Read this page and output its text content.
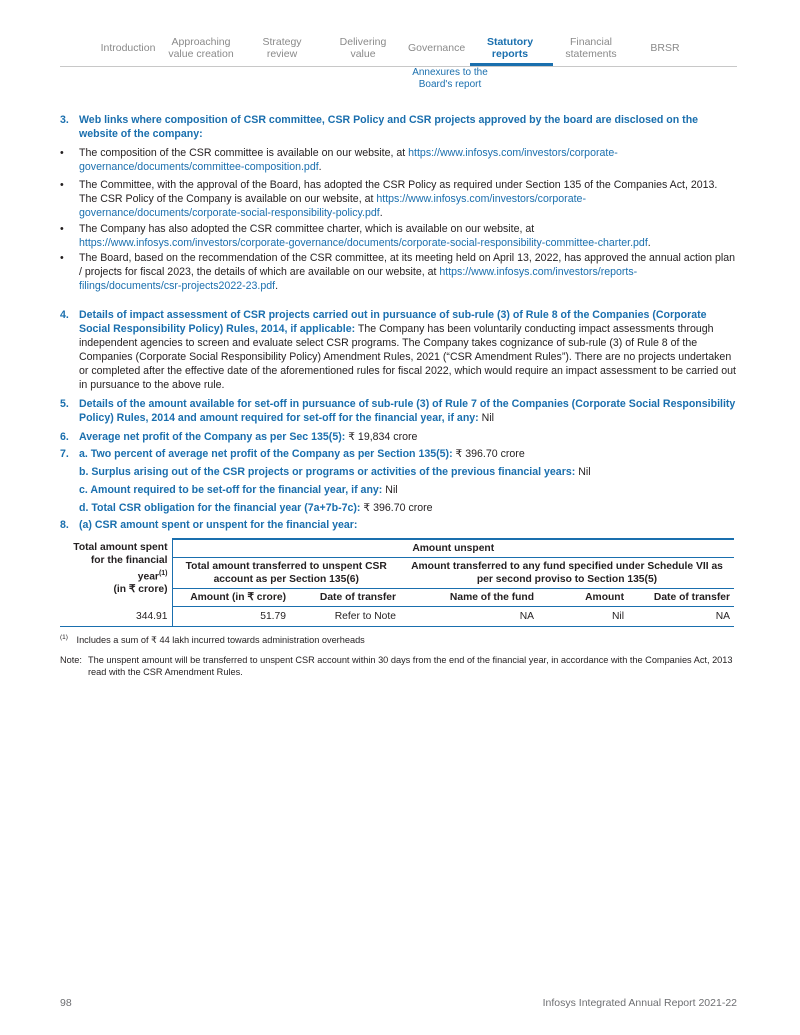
Introduction	Approaching value creation
Strategy review
Delivering value	Governance	Statutory reports
Financial statements	BRSR
Annexures to the Board's report
3. Web links where composition of CSR committee, CSR Policy and CSR projects approved by the board are disclosed on the website of the company:
• The composition of the CSR committee is available on our website, at https://www.infosys.com/investors/corporate-governance/documents/committee-composition.pdf.
• The Committee, with the approval of the Board, has adopted the CSR Policy as required under Section 135 of the Companies Act, 2013. The CSR Policy of the Company is available on our website, at https://www.infosys.com/investors/corporate-governance/documents/corporate-social-responsibility-policy.pdf.
• The Company has also adopted the CSR committee charter, which is available on our website, at https://www.infosys.com/investors/corporate-governance/documents/corporate-social-responsibility-committee-charter.pdf.
• The Board, based on the recommendation of the CSR committee, at its meeting held on April 13, 2022, has approved the annual action plan / projects for fiscal 2023, the details of which are available on our website, at https://www.infosys.com/investors/reports-filings/documents/csr-projects2022-23.pdf.
4. Details of impact assessment of CSR projects carried out in pursuance of sub-rule (3) of Rule 8 of the Companies (Corporate Social Responsibility Policy) Rules, 2014, if applicable: The Company has been voluntarily conducting impact assessments through independent agencies to screen and evaluate select CSR programs. The Company takes cognizance of sub-rule (3) of Rule 8 of the Companies (Corporate Social Responsibility Policy) Amendment Rules, 2021 (“CSR Amendment Rules”). There are no projects undertaken or completed after the effective date of the aforementioned rules for fiscal 2022, which would require an impact assessment to be carried out in pursuance to the above rule.
5. Details of the amount available for set-off in pursuance of sub-rule (3) of Rule 7 of the Companies (Corporate Social Responsibility Policy) Rules, 2014 and amount required for set-off for the financial year, if any: Nil
6. Average net profit of the Company as per Sec 135(5): ₹ 19,834 crore
7. a. Two percent of average net profit of the Company as per Section 135(5): ₹ 396.70 crore
b. Surplus arising out of the CSR projects or programs or activities of the previous financial years: Nil
c. Amount required to be set-off for the financial year, if any: Nil
d. Total CSR obligation for the financial year (7a+7b-7c): ₹ 396.70 crore
8. (a) CSR amount spent or unspent for the financial year:
Total amount spent for the financial year$^{(1)}$
(in ₹ crore)	Amount unspent				
	Total amount transferred to unspent CSR account as per Section 135(6)		Amount transferred to any fund specified under Schedule VII as per second proviso to Section 135(5)		
	Amount (in ₹ crore)	Date of transfer	Name of the fund	Amount	Date of transfer
344.91	51.79	Refer to Note	NA	Nil	NA
$^{(1)}$ Includes a sum of ₹ 44 lakh incurred towards administration overheads
Note: The unspent amount will be transferred to unspent CSR account within 30 days from the end of the financial year, in accordance with the Companies Act, 2013 read with the CSR Amendment Rules.
98	Infosys Integrated Annual Report 2021-22
